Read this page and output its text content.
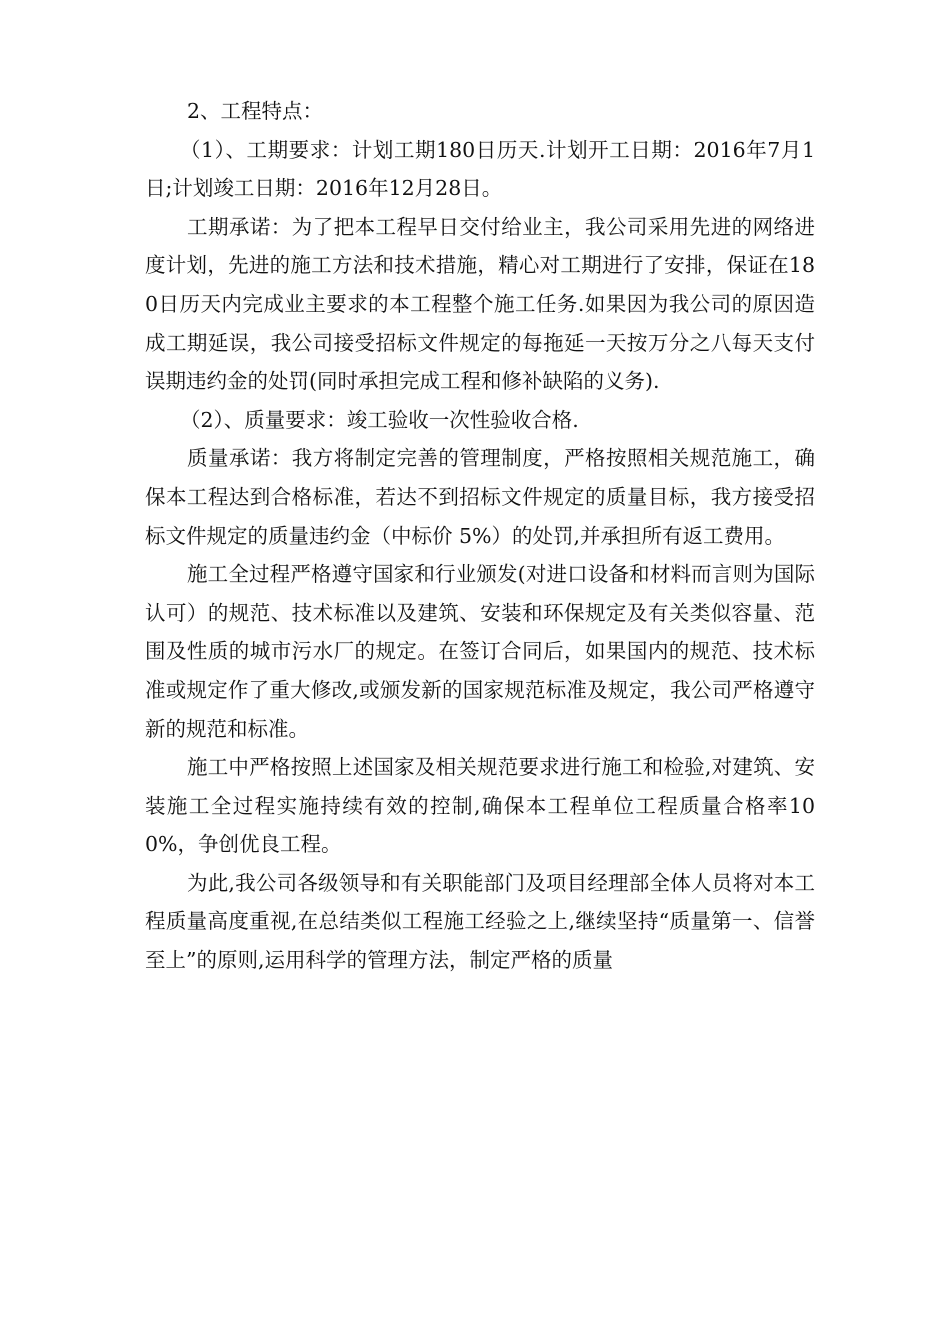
2、工程特点：

（1）、工期要求：计划工期180日历天.计划开工日期：2016年7月1日;计划竣工日期：2016年12月28日。

工期承诺：为了把本工程早日交付给业主，我公司采用先进的网络进度计划，先进的施工方法和技术措施，精心对工期进行了安排，保证在180日历天内完成业主要求的本工程整个施工任务.如果因为我公司的原因造成工期延误，我公司接受招标文件规定的每拖延一天按万分之八每天支付误期违约金的处罚(同时承担完成工程和修补缺陷的义务).

（2）、质量要求：竣工验收一次性验收合格.

质量承诺：我方将制定完善的管理制度，严格按照相关规范施工，确保本工程达到合格标准，若达不到招标文件规定的质量目标，我方接受招标文件规定的质量违约金（中标价 5%）的处罚,并承担所有返工费用。

施工全过程严格遵守国家和行业颁发(对进口设备和材料而言则为国际认可）的规范、技术标准以及建筑、安装和环保规定及有关类似容量、范围及性质的城市污水厂的规定。在签订合同后，如果国内的规范、技术标准或规定作了重大修改,或颁发新的国家规范标准及规定，我公司严格遵守新的规范和标准。

施工中严格按照上述国家及相关规范要求进行施工和检验,对建筑、安装施工全过程实施持续有效的控制,确保本工程单位工程质量合格率100%，争创优良工程。

为此,我公司各级领导和有关职能部门及项目经理部全体人员将对本工程质量高度重视,在总结类似工程施工经验之上,继续坚持“质量第一、信誉至上”的原则,运用科学的管理方法，制定严格的质量
